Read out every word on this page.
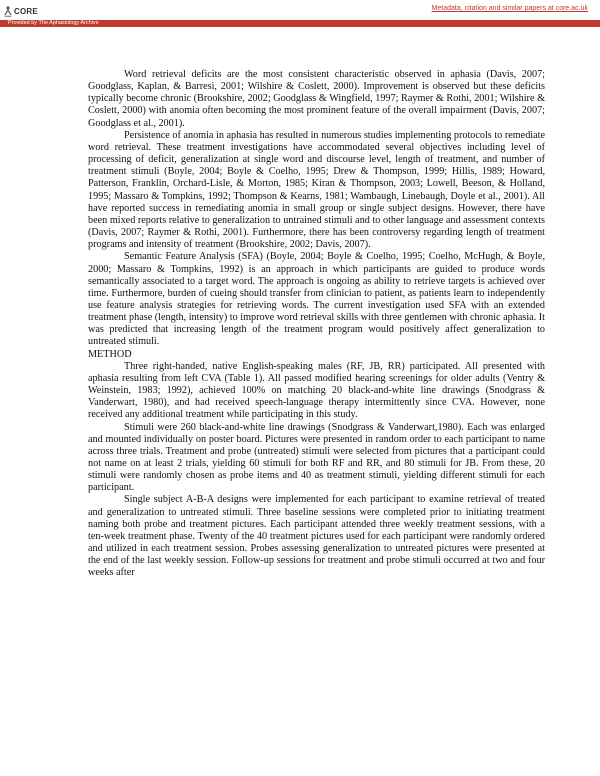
CORE	Metadata, citation and similar papers at core.ac.uk
Provided by The Aphasiology Archive

Word retrieval deficits are the most consistent characteristic observed in aphasia (Davis, 2007; Goodglass, Kaplan, & Barresi, 2001; Wilshire & Coslett, 2000). Improvement is observed but these deficits typically become chronic (Brookshire, 2002; Goodglass & Wingfield, 1997; Raymer & Rothi, 2001; Wilshire & Coslett, 2000) with anomia often becoming the most prominent feature of the overall impairment (Davis, 2007; Goodglass et al., 2001).

Persistence of anomia in aphasia has resulted in numerous studies implementing protocols to remediate word retrieval. These treatment investigations have accommodated several objectives including level of processing of deficit, generalization at single word and discourse level, length of treatment, and number of treatment stimuli (Boyle, 2004; Boyle & Coelho, 1995; Drew & Thompson, 1999; Hillis, 1989; Howard, Patterson, Franklin, Orchard-Lisle, & Morton, 1985; Kiran & Thompson, 2003; Lowell, Beeson, & Holland, 1995; Massaro & Tompkins, 1992; Thompson & Kearns, 1981; Wambaugh, Linebaugh, Doyle et al., 2001). All have reported success in remediating anomia in small group or single subject designs. However, there have been mixed reports relative to generalization to untrained stimuli and to other language and assessment contexts (Davis, 2007; Raymer & Rothi, 2001). Furthermore, there has been controversy regarding length of treatment programs and intensity of treatment (Brookshire, 2002; Davis, 2007).

Semantic Feature Analysis (SFA) (Boyle, 2004; Boyle & Coelho, 1995; Coelho, McHugh, & Boyle, 2000; Massaro & Tompkins, 1992) is an approach in which participants are guided to produce words semantically associated to a target word. The approach is ongoing as ability to retrieve targets is achieved over time. Furthermore, burden of cueing should transfer from clinician to patient, as patients learn to independently use feature analysis strategies for retrieving words. The current investigation used SFA with an extended treatment phase (length, intensity) to improve word retrieval skills with three gentlemen with chronic aphasia. It was predicted that increasing length of the treatment program would positively affect generalization to untreated stimuli.

METHOD

Three right-handed, native English-speaking males (RF, JB, RR) participated. All presented with aphasia resulting from left CVA (Table 1). All passed modified hearing screenings for older adults (Ventry & Weinstein, 1983; 1992), achieved 100% on matching 20 black-and-white line drawings (Snodgrass & Vanderwart, 1980), and had received speech-language therapy intermittently since CVA. However, none received any additional treatment while participating in this study.

Stimuli were 260 black-and-white line drawings (Snodgrass & Vanderwart,1980). Each was enlarged and mounted individually on poster board. Pictures were presented in random order to each participant to name across three trials. Treatment and probe (untreated) stimuli were selected from pictures that a participant could not name on at least 2 trials, yielding 60 stimuli for both RF and RR, and 80 stimuli for JB. From these, 20 stimuli were randomly chosen as probe items and 40 as treatment stimuli, yielding different stimuli for each participant.

Single subject A-B-A designs were implemented for each participant to examine retrieval of treated and generalization to untreated stimuli. Three baseline sessions were completed prior to initiating treatment naming both probe and treatment pictures. Each participant attended three weekly treatment sessions, with a ten-week treatment phase. Twenty of the 40 treatment pictures used for each participant were randomly ordered and utilized in each treatment session. Probes assessing generalization to untreated pictures were presented at the end of the last weekly session. Follow-up sessions for treatment and probe stimuli occurred at two and four weeks after
